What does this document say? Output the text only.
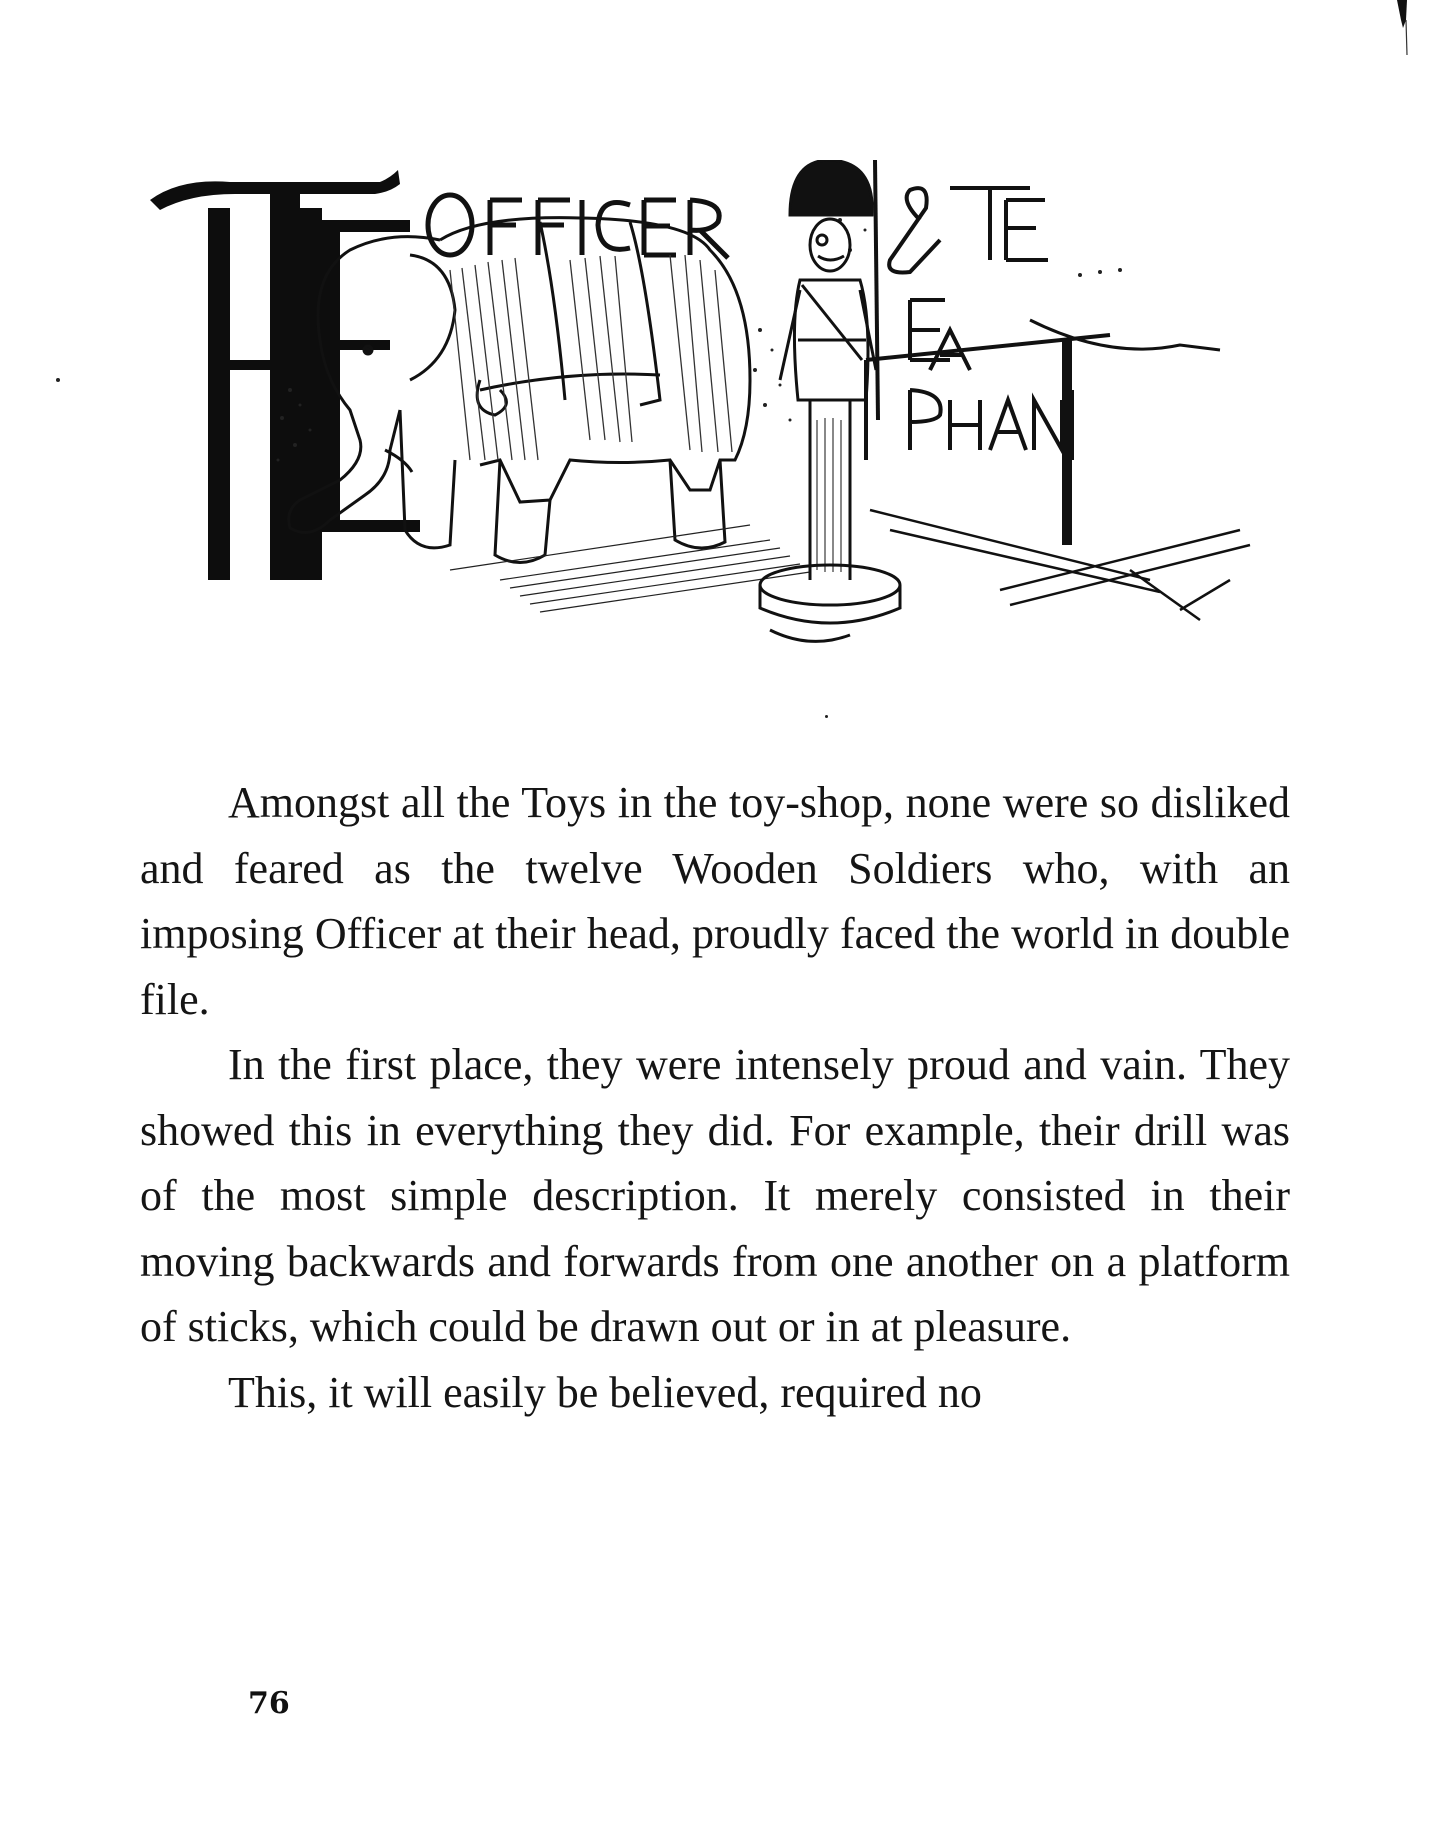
Amongst all the Toys in the toy-shop, none were so disliked and feared as the twelve Wooden Soldiers who, with an imposing Officer at their head, proudly faced the world in double file.

In the first place, they were intensely proud and vain. They showed this in everything they did. For example, their drill was of the most simple description. It merely consisted in their moving backwards and forwards from one another on a platform of sticks, which could be drawn out or in at pleasure.

This, it will easily be believed, required no

76
